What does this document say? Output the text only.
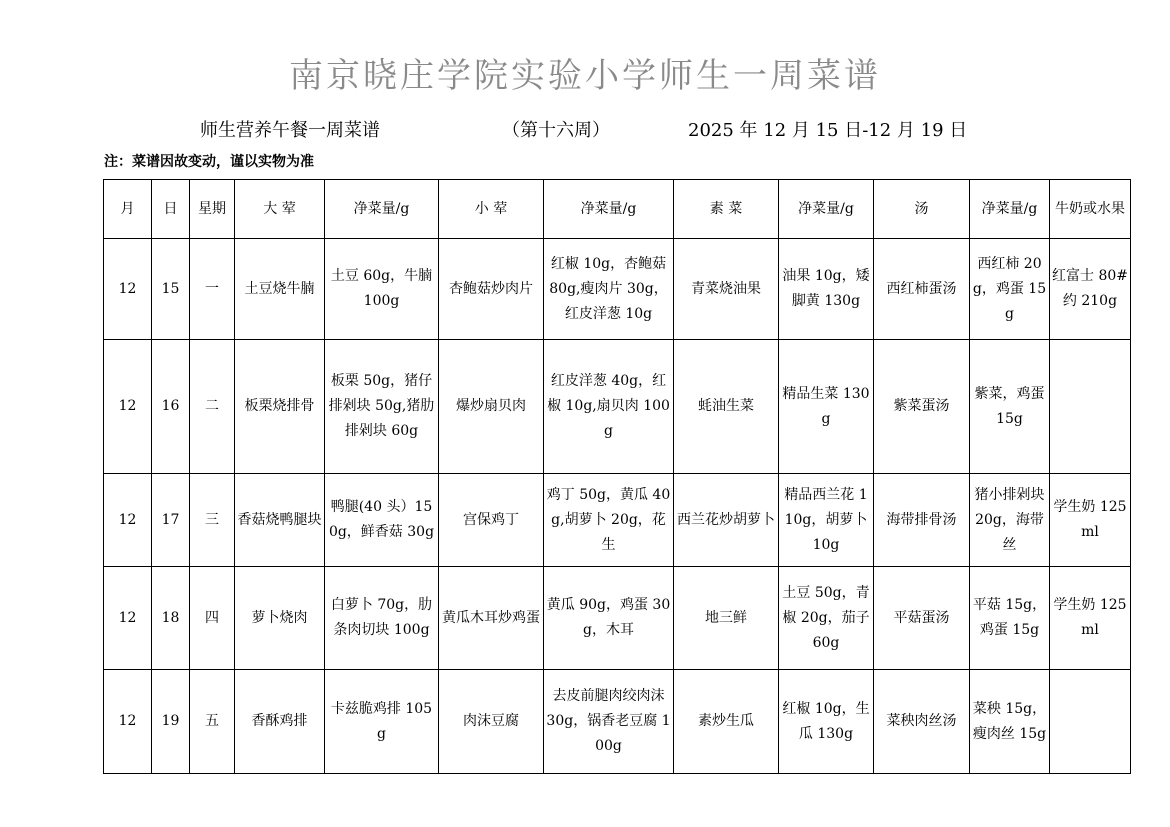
南京晓庄学院实验小学师生一周菜谱
师生营养午餐一周菜谱	（第十六周）	2025 年 12 月 15 日-12 月 19 日
注：菜谱因故变动，谨以实物为准
月	日	星期	大 荤	净菜量/g	小 荤	净菜量/g	素 菜	净菜量/g	汤	净菜量/g	牛奶或水果
12	15	一	土豆烧牛腩	土豆 60g，牛腩 100g	杏鲍菇炒肉片	红椒 10g，杏鲍菇 80g,瘦肉片 30g，红皮洋葱 10g	青菜烧油果	油果 10g，矮脚黄 130g	西红柿蛋汤	西红柿 20g，鸡蛋 15g	红富士 80#约 210g
12	16	二	板栗烧排骨	板栗 50g，猪仔排剁块 50g,猪肋排剁块 60g	爆炒扇贝肉	红皮洋葱 40g，红椒 10g,扇贝肉 100g	蚝油生菜	精品生菜 130g	紫菜蛋汤	紫菜，鸡蛋 15g	
12	17	三	香菇烧鸭腿块	鸭腿(40 头）150g，鲜香菇 30g	宫保鸡丁	鸡丁 50g，黄瓜 40g,胡萝卜 20g，花生	西兰花炒胡萝卜	精品西兰花 110g，胡萝卜 10g	海带排骨汤	猪小排剁块 20g，海带丝	学生奶 125ml
12	18	四	萝卜烧肉	白萝卜 70g，肋条肉切块 100g	黄瓜木耳炒鸡蛋	黄瓜 90g，鸡蛋 30g，木耳	地三鲜	土豆 50g，青椒 20g，茄子 60g	平菇蛋汤	平菇 15g，鸡蛋 15g	学生奶 125ml
12	19	五	香酥鸡排	卡兹脆鸡排 105g	肉沫豆腐	去皮前腿肉绞肉沫 30g，锅香老豆腐 100g	素炒生瓜	红椒 10g，生瓜 130g	菜秧肉丝汤	菜秧 15g，瘦肉丝 15g	
